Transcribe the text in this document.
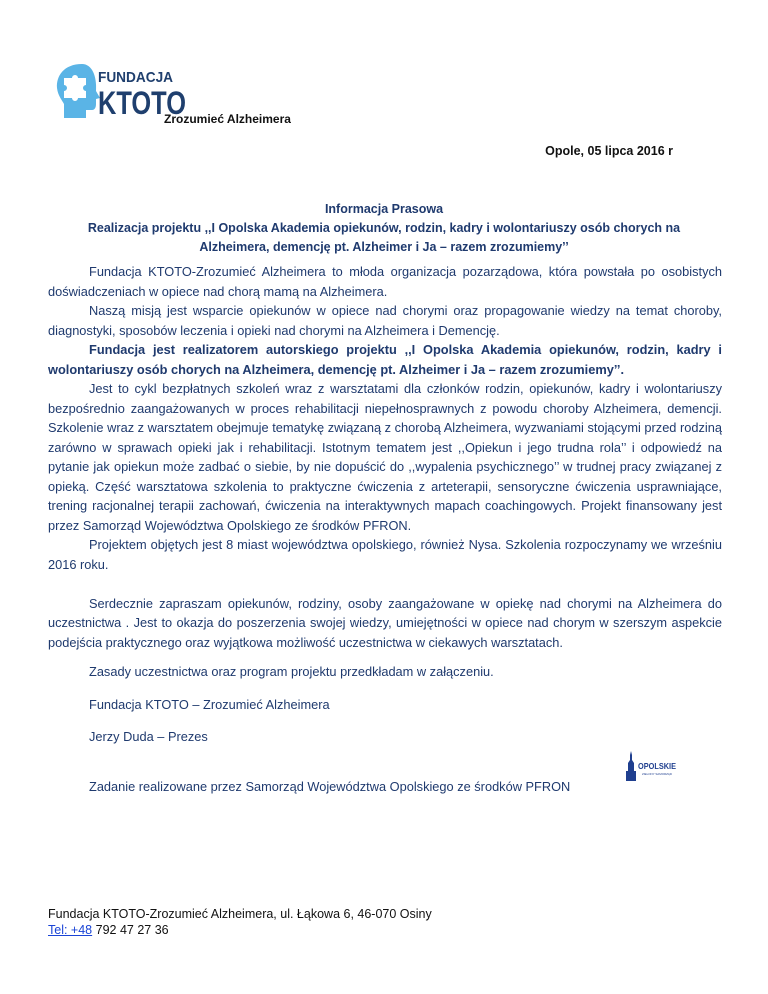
FUNDACJA
KTOTO
Zrozumieć Alzheimera
Opole, 05 lipca 2016 r
Informacja Prasowa
Realizacja projektu ,,I Opolska Akademia opiekunów, rodzin, kadry i wolontariuszy osób chorych na
Alzheimera, demencję pt. Alzheimer i Ja – razem zrozumiemy’’

Fundacja KTOTO-Zrozumieć Alzheimera to młoda organizacja pozarządowa, która powstała po osobistych doświadczeniach w opiece nad chorą mamą na Alzheimera.

Naszą misją jest wsparcie opiekunów w opiece nad chorymi oraz propagowanie wiedzy na temat choroby, diagnostyki, sposobów leczenia i opieki nad chorymi na Alzheimera i Demencję.

Fundacja jest realizatorem autorskiego projektu ,,I Opolska Akademia opiekunów, rodzin, kadry i wolontariuszy osób chorych na Alzheimera, demencję pt. Alzheimer i Ja – razem zrozumiemy’’.

Jest to cykl bezpłatnych szkoleń wraz z warsztatami dla członków rodzin, opiekunów, kadry i wolontariuszy bezpośrednio zaangażowanych w proces rehabilitacji niepełnosprawnych z powodu choroby Alzheimera, demencji. Szkolenie wraz z warsztatem obejmuje tematykę związaną z chorobą Alzheimera, wyzwaniami stojącymi przed rodziną zarówno w sprawach opieki jak i rehabilitacji. Istotnym tematem jest ,,Opiekun i jego trudna rola’’ i odpowiedź na pytanie jak opiekun może zadbać o siebie, by nie dopuścić do ,,wypalenia psychicznego’’ w trudnej pracy związanej z opieką. Część warsztatowa szkolenia to praktyczne ćwiczenia z arteterapii, sensoryczne ćwiczenia usprawniające, trening racjonalnej terapii zachowań, ćwiczenia na interaktywnych mapach coachingowych. Projekt finansowany jest przez Samorząd Województwa Opolskiego ze środków PFRON.

Projektem objętych jest 8 miast województwa opolskiego, również Nysa. Szkolenia rozpoczynamy we wrześniu 2016 roku.

Serdecznie zapraszam opiekunów, rodziny, osoby zaangażowane w opiekę nad chorymi na Alzheimera do uczestnictwa . Jest to okazja do poszerzenia swojej wiedzy, umiejętności w opiece nad chorym w szerszym aspekcie podejścia praktycznego oraz wyjątkowa możliwość uczestnictwa w ciekawych warsztatach.

Zasady uczestnictwa oraz program projektu przedkładam w załączeniu.
Fundacja KTOTO – Zrozumieć Alzheimera
Jerzy Duda – Prezes
Zadanie realizowane przez Samorząd Województwa Opolskiego ze środków PFRON
OPOLSKIE
ZIELONY SAMORZĄD
Fundacja KTOTO-Zrozumieć Alzheimera, ul. Łąkowa 6, 46-070 Osiny
Tel: +48 792 47 27 36
